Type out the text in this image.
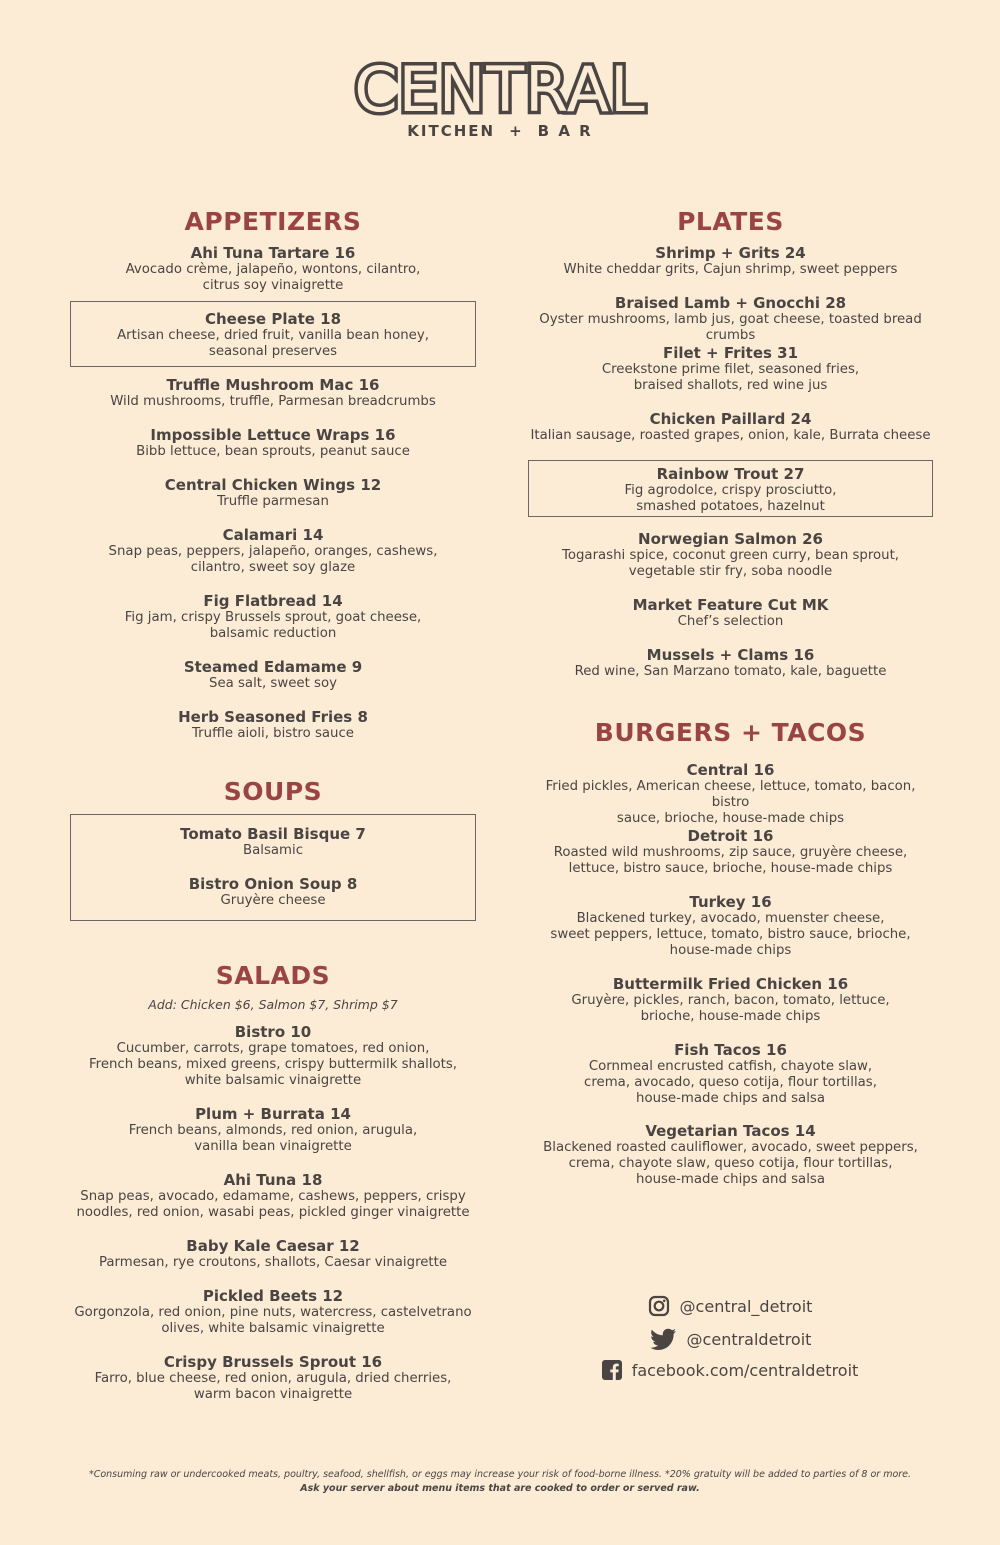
CENTRAL
KITCHEN + B A R
APPETIZERS
Ahi Tuna Tartare 16
Avocado crème, jalapeño, wontons, cilantro,
citrus soy vinaigrette
Cheese Plate 18
Artisan cheese, dried fruit, vanilla bean honey,
seasonal preserves
Truffle Mushroom Mac 16
Wild mushrooms, truffle, Parmesan breadcrumbs
Impossible Lettuce Wraps 16
Bibb lettuce, bean sprouts, peanut sauce
Central Chicken Wings 12
Truffle parmesan
Calamari 14
Snap peas, peppers, jalapeño, oranges, cashews,
cilantro, sweet soy glaze
Fig Flatbread 14
Fig jam, crispy Brussels sprout, goat cheese,
balsamic reduction
Steamed Edamame 9
Sea salt, sweet soy
Herb Seasoned Fries 8
Truffle aioli, bistro sauce
SOUPS
Tomato Basil Bisque 7
Balsamic
Bistro Onion Soup 8
Gruyère cheese
SALADS
Add: Chicken $6, Salmon $7, Shrimp $7
Bistro 10
Cucumber, carrots, grape tomatoes, red onion,
French beans, mixed greens, crispy buttermilk shallots,
white balsamic vinaigrette
Plum + Burrata 14
French beans, almonds, red onion, arugula,
vanilla bean vinaigrette
Ahi Tuna 18
Snap peas, avocado, edamame, cashews, peppers, crispy
noodles, red onion, wasabi peas, pickled ginger vinaigrette
Baby Kale Caesar 12
Parmesan, rye croutons, shallots, Caesar vinaigrette
Pickled Beets 12
Gorgonzola, red onion, pine nuts, watercress, castelvetrano
olives, white balsamic vinaigrette
Crispy Brussels Sprout 16
Farro, blue cheese, red onion, arugula, dried cherries,
warm bacon vinaigrette
PLATES
Shrimp + Grits 24
White cheddar grits, Cajun shrimp, sweet peppers
Braised Lamb + Gnocchi 28
Oyster mushrooms, lamb jus, goat cheese, toasted bread
crumbs
Filet + Frites 31
Creekstone prime filet, seasoned fries,
braised shallots, red wine jus
Chicken Paillard 24
Italian sausage, roasted grapes, onion, kale, Burrata cheese
Rainbow Trout 27
Fig agrodolce, crispy prosciutto,
smashed potatoes, hazelnut
Norwegian Salmon 26
Togarashi spice, coconut green curry, bean sprout,
vegetable stir fry, soba noodle
Market Feature Cut MK
Chef’s selection
Mussels + Clams 16
Red wine, San Marzano tomato, kale, baguette
BURGERS + TACOS
Central 16
Fried pickles, American cheese, lettuce, tomato, bacon, bistro
sauce, brioche, house-made chips
Detroit 16
Roasted wild mushrooms, zip sauce, gruyère cheese,
lettuce, bistro sauce, brioche, house-made chips
Turkey 16
Blackened turkey, avocado, muenster cheese,
sweet peppers, lettuce, tomato, bistro sauce, brioche,
house-made chips
Buttermilk Fried Chicken 16
Gruyère, pickles, ranch, bacon, tomato, lettuce,
brioche, house-made chips
Fish Tacos 16
Cornmeal encrusted catfish, chayote slaw,
crema, avocado, queso cotija, flour tortillas,
house-made chips and salsa
Vegetarian Tacos 14
Blackened roasted cauliflower, avocado, sweet peppers,
crema, chayote slaw, queso cotija, flour tortillas,
house-made chips and salsa
@central_detroit
@centraldetroit
facebook.com/centraldetroit
*Consuming raw or undercooked meats, poultry, seafood, shellfish, or eggs may increase your risk of food-borne illness. *20% gratuity will be added to parties of 8 or more.
Ask your server about menu items that are cooked to order or served raw.
